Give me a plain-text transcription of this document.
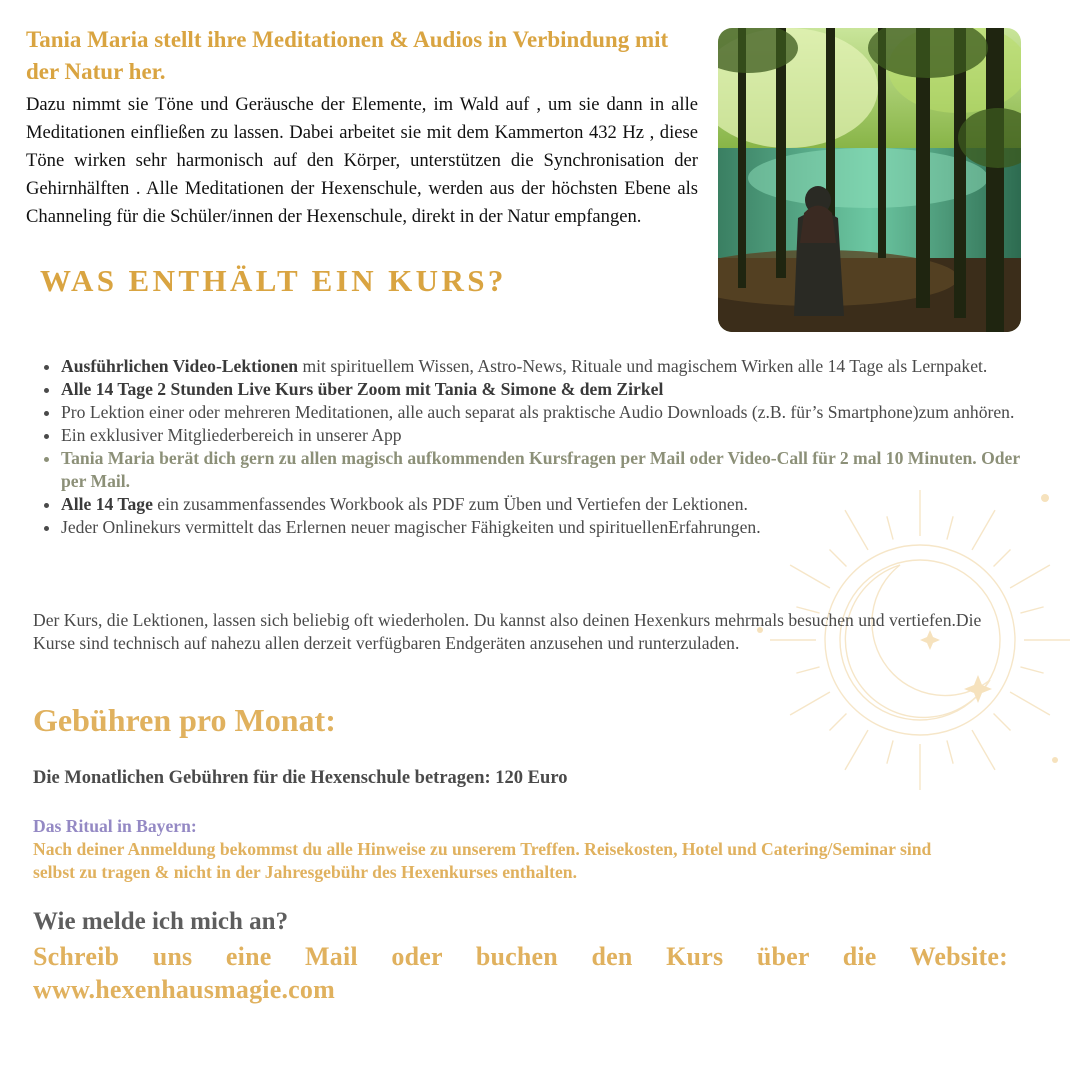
Tania Maria stellt ihre Meditationen & Audios in Verbindung mit der Natur her.

Dazu nimmt sie Töne und Geräusche der Elemente, im Wald auf , um sie dann in alle Meditationen einfließen zu lassen. Dabei arbeitet sie mit dem Kammerton 432 Hz , diese Töne wirken sehr harmonisch auf den Körper, unterstützen die Synchronisation der Gehirnhälften . Alle Meditationen der Hexenschule, werden aus der höchsten Ebene als Channeling für die Schüler/innen der Hexenschule, direkt in der Natur empfangen.

WAS ENTHÄLT EIN KURS?
• Ausführlichen Video-Lektionen mit spirituellem Wissen, Astro-News, Rituale und magischem Wirken alle 14 Tage als Lernpaket.
• Alle 14 Tage 2 Stunden Live Kurs über Zoom mit Tania & Simone & dem Zirkel
• Pro Lektion einer oder mehreren Meditationen, alle auch separat als praktische Audio Downloads (z.B. für’s Smartphone)zum anhören.
• Ein exklusiver Mitgliederbereich in unserer App
• Tania Maria berät dich gern zu allen magisch aufkommenden Kursfragen per Mail oder Video-Call für 2 mal 10 Minuten. Oder per Mail.
• Alle 14 Tage ein zusammenfassendes Workbook als PDF zum Üben und Vertiefen der Lektionen.
• Jeder Onlinekurs vermittelt das Erlernen neuer magischer Fähigkeiten und spirituellenErfahrungen.

Der Kurs, die Lektionen, lassen sich beliebig oft wiederholen. Du kannst also deinen Hexenkurs mehrmals besuchen und vertiefen.Die Kurse sind technisch auf nahezu allen derzeit verfügbaren Endgeräten anzusehen und runterzuladen.

Gebühren pro Monat:

Die Monatlichen Gebühren für die Hexenschule betragen: 120 Euro

Das Ritual in Bayern:

Nach deiner Anmeldung bekommst du alle Hinweise zu unserem Treffen. Reisekosten, Hotel und Catering/Seminar sind selbst zu tragen & nicht in der Jahresgebühr des Hexenkurses enthalten.

Wie melde ich mich an?

Schreib uns eine Mail oder buchen den Kurs über die Website: www.hexenhausmagie.com
